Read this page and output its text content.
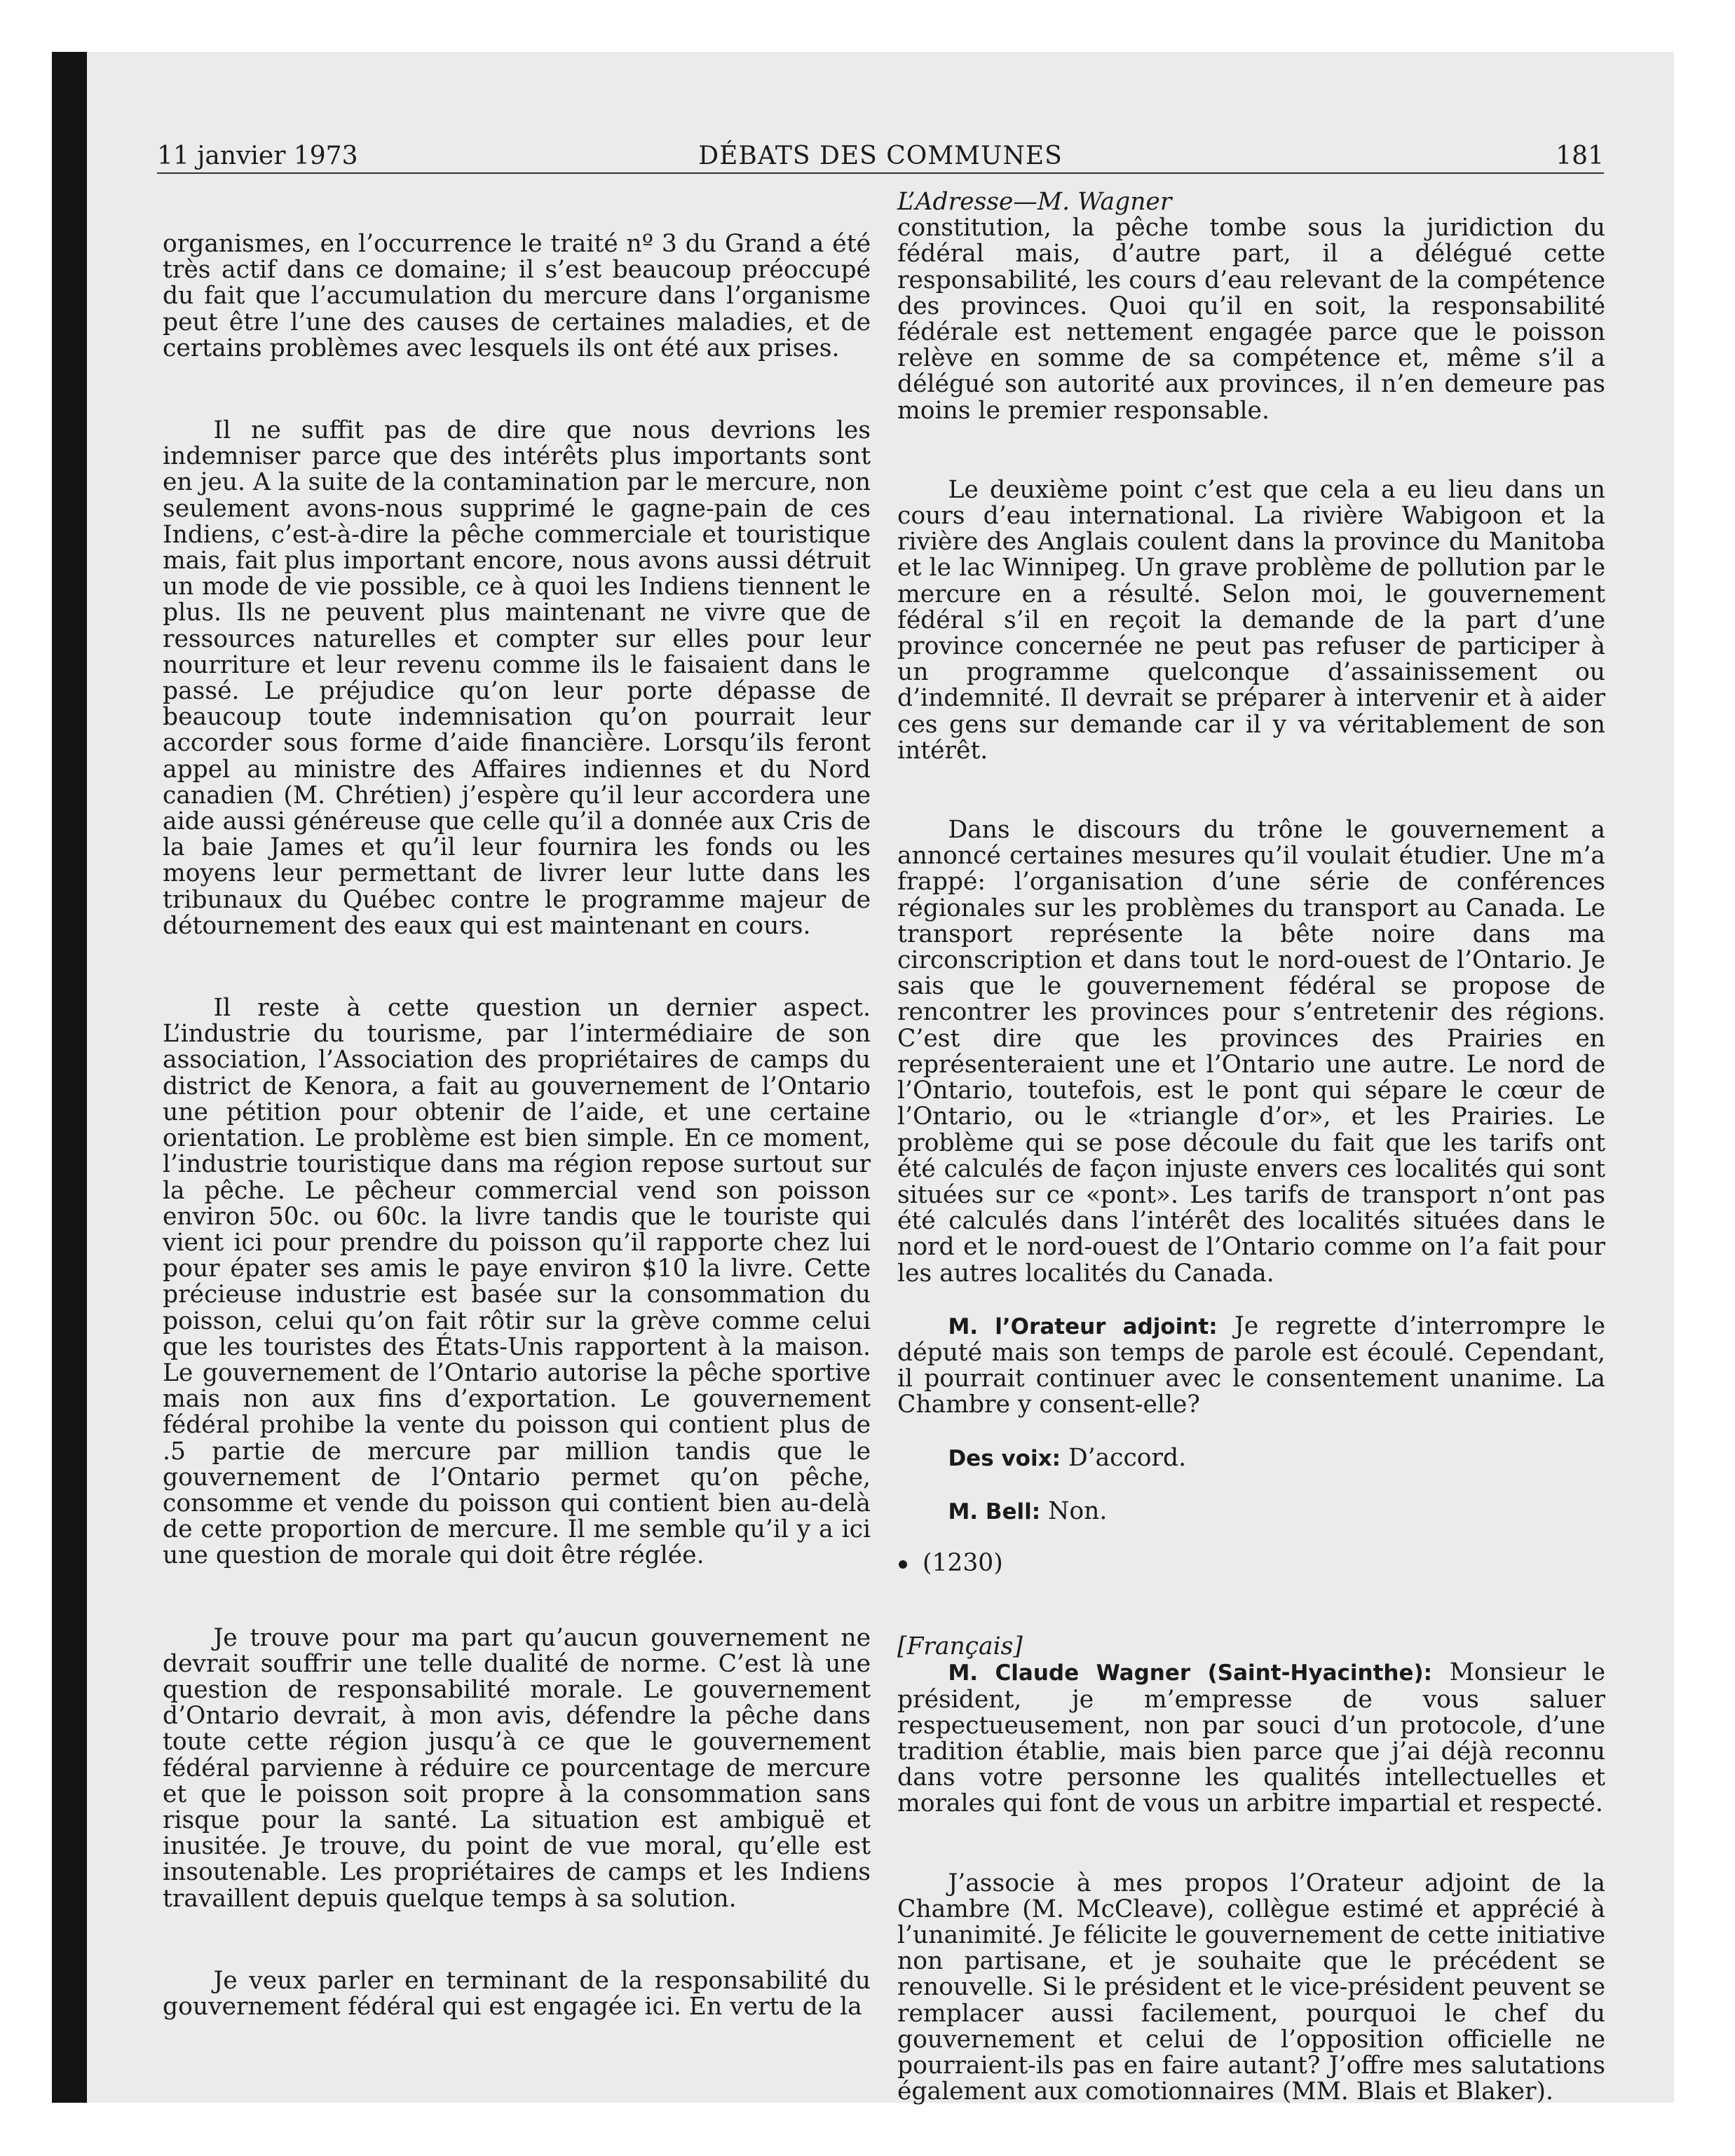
11 janvier 1973	DÉBATS DES COMMUNES	181

organismes, en l’occurrence le traité nº 3 du Grand a été très actif dans ce domaine; il s’est beaucoup préoccupé du fait que l’accumulation du mercure dans l’organisme peut être l’une des causes de certaines maladies, et de certains problèmes avec lesquels ils ont été aux prises.

Il ne suffit pas de dire que nous devrions les indemniser parce que des intérêts plus importants sont en jeu. A la suite de la contamination par le mercure, non seulement avons-nous supprimé le gagne-pain de ces Indiens, c’est-à-dire la pêche commerciale et touristique mais, fait plus important encore, nous avons aussi détruit un mode de vie possible, ce à quoi les Indiens tiennent le plus. Ils ne peuvent plus maintenant ne vivre que de ressources naturelles et compter sur elles pour leur nourriture et leur revenu comme ils le faisaient dans le passé. Le préjudice qu’on leur porte dépasse de beaucoup toute indemnisation qu’on pourrait leur accorder sous forme d’aide financière. Lorsqu’ils feront appel au ministre des Affaires indiennes et du Nord canadien (M. Chrétien) j’espère qu’il leur accordera une aide aussi généreuse que celle qu’il a donnée aux Cris de la baie James et qu’il leur fournira les fonds ou les moyens leur permettant de livrer leur lutte dans les tribunaux du Québec contre le programme majeur de détournement des eaux qui est maintenant en cours.

Il reste à cette question un dernier aspect. L’industrie du tourisme, par l’intermédiaire de son association, l’Association des propriétaires de camps du district de Kenora, a fait au gouvernement de l’Ontario une pétition pour obtenir de l’aide, et une certaine orientation. Le problème est bien simple. En ce moment, l’industrie touristique dans ma région repose surtout sur la pêche. Le pêcheur commercial vend son poisson environ 50c. ou 60c. la livre tandis que le touriste qui vient ici pour prendre du poisson qu’il rapporte chez lui pour épater ses amis le paye environ $10 la livre. Cette précieuse industrie est basée sur la consommation du poisson, celui qu’on fait rôtir sur la grève comme celui que les touristes des États-Unis rapportent à la maison. Le gouvernement de l’Ontario autorise la pêche sportive mais non aux fins d’exportation. Le gouvernement fédéral prohibe la vente du poisson qui contient plus de .5 partie de mercure par million tandis que le gouvernement de l’Ontario permet qu’on pêche, consomme et vende du poisson qui contient bien au-delà de cette proportion de mercure. Il me semble qu’il y a ici une question de morale qui doit être réglée.

Je trouve pour ma part qu’aucun gouvernement ne devrait souffrir une telle dualité de norme. C’est là une question de responsabilité morale. Le gouvernement d’Ontario devrait, à mon avis, défendre la pêche dans toute cette région jusqu’à ce que le gouvernement fédéral parvienne à réduire ce pourcentage de mercure et que le poisson soit propre à la consommation sans risque pour la santé. La situation est ambiguë et inusitée. Je trouve, du point de vue moral, qu’elle est insoutenable. Les propriétaires de camps et les Indiens travaillent depuis quelque temps à sa solution.

Je veux parler en terminant de la responsabilité du gouvernement fédéral qui est engagée ici. En vertu de la

L’Adresse—M. Wagner

constitution, la pêche tombe sous la juridiction du fédéral mais, d’autre part, il a délégué cette responsabilité, les cours d’eau relevant de la compétence des provinces. Quoi qu’il en soit, la responsabilité fédérale est nettement engagée parce que le poisson relève en somme de sa compétence et, même s’il a délégué son autorité aux provinces, il n’en demeure pas moins le premier responsable.

Le deuxième point c’est que cela a eu lieu dans un cours d’eau international. La rivière Wabigoon et la rivière des Anglais coulent dans la province du Manitoba et le lac Winnipeg. Un grave problème de pollution par le mercure en a résulté. Selon moi, le gouvernement fédéral s’il en reçoit la demande de la part d’une province concernée ne peut pas refuser de participer à un programme quelconque d’assainissement ou d’indemnité. Il devrait se préparer à intervenir et à aider ces gens sur demande car il y va véritablement de son intérêt.

Dans le discours du trône le gouvernement a annoncé certaines mesures qu’il voulait étudier. Une m’a frappé: l’organisation d’une série de conférences régionales sur les problèmes du transport au Canada. Le transport représente la bête noire dans ma circonscription et dans tout le nord-ouest de l’Ontario. Je sais que le gouvernement fédéral se propose de rencontrer les provinces pour s’entretenir des régions. C’est dire que les provinces des Prairies en représenteraient une et l’Ontario une autre. Le nord de l’Ontario, toutefois, est le pont qui sépare le cœur de l’Ontario, ou le «triangle d’or», et les Prairies. Le problème qui se pose découle du fait que les tarifs ont été calculés de façon injuste envers ces localités qui sont situées sur ce «pont». Les tarifs de transport n’ont pas été calculés dans l’intérêt des localités situées dans le nord et le nord-ouest de l’Ontario comme on l’a fait pour les autres localités du Canada.

M. l’Orateur adjoint: Je regrette d’interrompre le député mais son temps de parole est écoulé. Cependant, il pourrait continuer avec le consentement unanime. La Chambre y consent-elle?

Des voix: D’accord.

M. Bell: Non.

(1230)

[Français]

M. Claude Wagner (Saint-Hyacinthe): Monsieur le président, je m’empresse de vous saluer respectueusement, non par souci d’un protocole, d’une tradition établie, mais bien parce que j’ai déjà reconnu dans votre personne les qualités intellectuelles et morales qui font de vous un arbitre impartial et respecté.

J’associe à mes propos l’Orateur adjoint de la Chambre (M. McCleave), collègue estimé et apprécié à l’unanimité. Je félicite le gouvernement de cette initiative non partisane, et je souhaite que le précédent se renouvelle. Si le président et le vice-président peuvent se remplacer aussi facilement, pourquoi le chef du gouvernement et celui de l’opposition officielle ne pourraient-ils pas en faire autant? J’offre mes salutations également aux comotionnaires (MM. Blais et Blaker).
